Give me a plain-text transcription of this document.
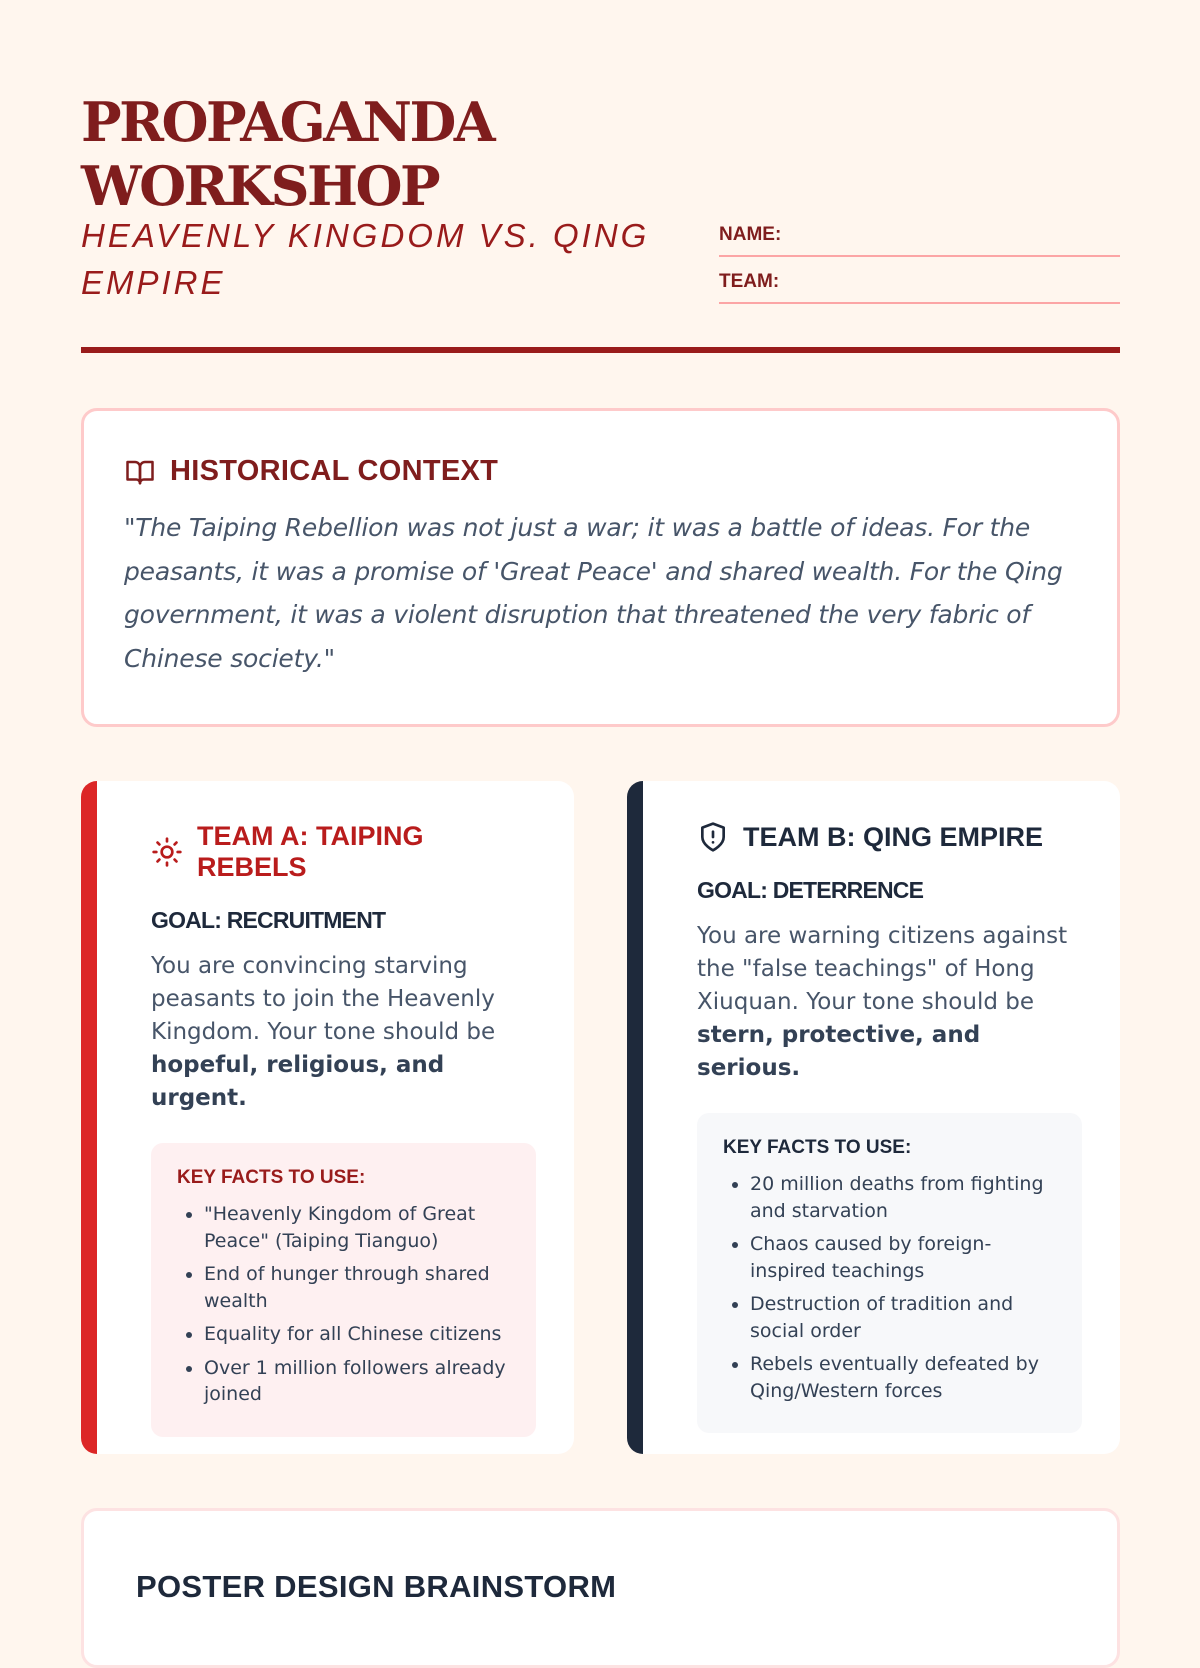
PROPAGANDA WORKSHOP
HEAVENLY KINGDOM VS. QING EMPIRE
NAME:
TEAM:
HISTORICAL CONTEXT
"The Taiping Rebellion was not just a war; it was a battle of ideas. For the peasants, it was a promise of 'Great Peace' and shared wealth. For the Qing government, it was a violent disruption that threatened the very fabric of Chinese society."
TEAM A: TAIPING REBELS
GOAL: RECRUITMENT
You are convincing starving peasants to join the Heavenly Kingdom. Your tone should be hopeful, religious, and urgent.
KEY FACTS TO USE:
• "Heavenly Kingdom of Great Peace" (Taiping Tianguo)
• End of hunger through shared wealth
• Equality for all Chinese citizens
• Over 1 million followers already joined
TEAM B: QING EMPIRE
GOAL: DETERRENCE
You are warning citizens against the "false teachings" of Hong Xiuquan. Your tone should be stern, protective, and serious.
KEY FACTS TO USE:
• 20 million deaths from fighting and starvation
• Chaos caused by foreign-inspired teachings
• Destruction of tradition and social order
• Rebels eventually defeated by Qing/Western forces
POSTER DESIGN BRAINSTORM
